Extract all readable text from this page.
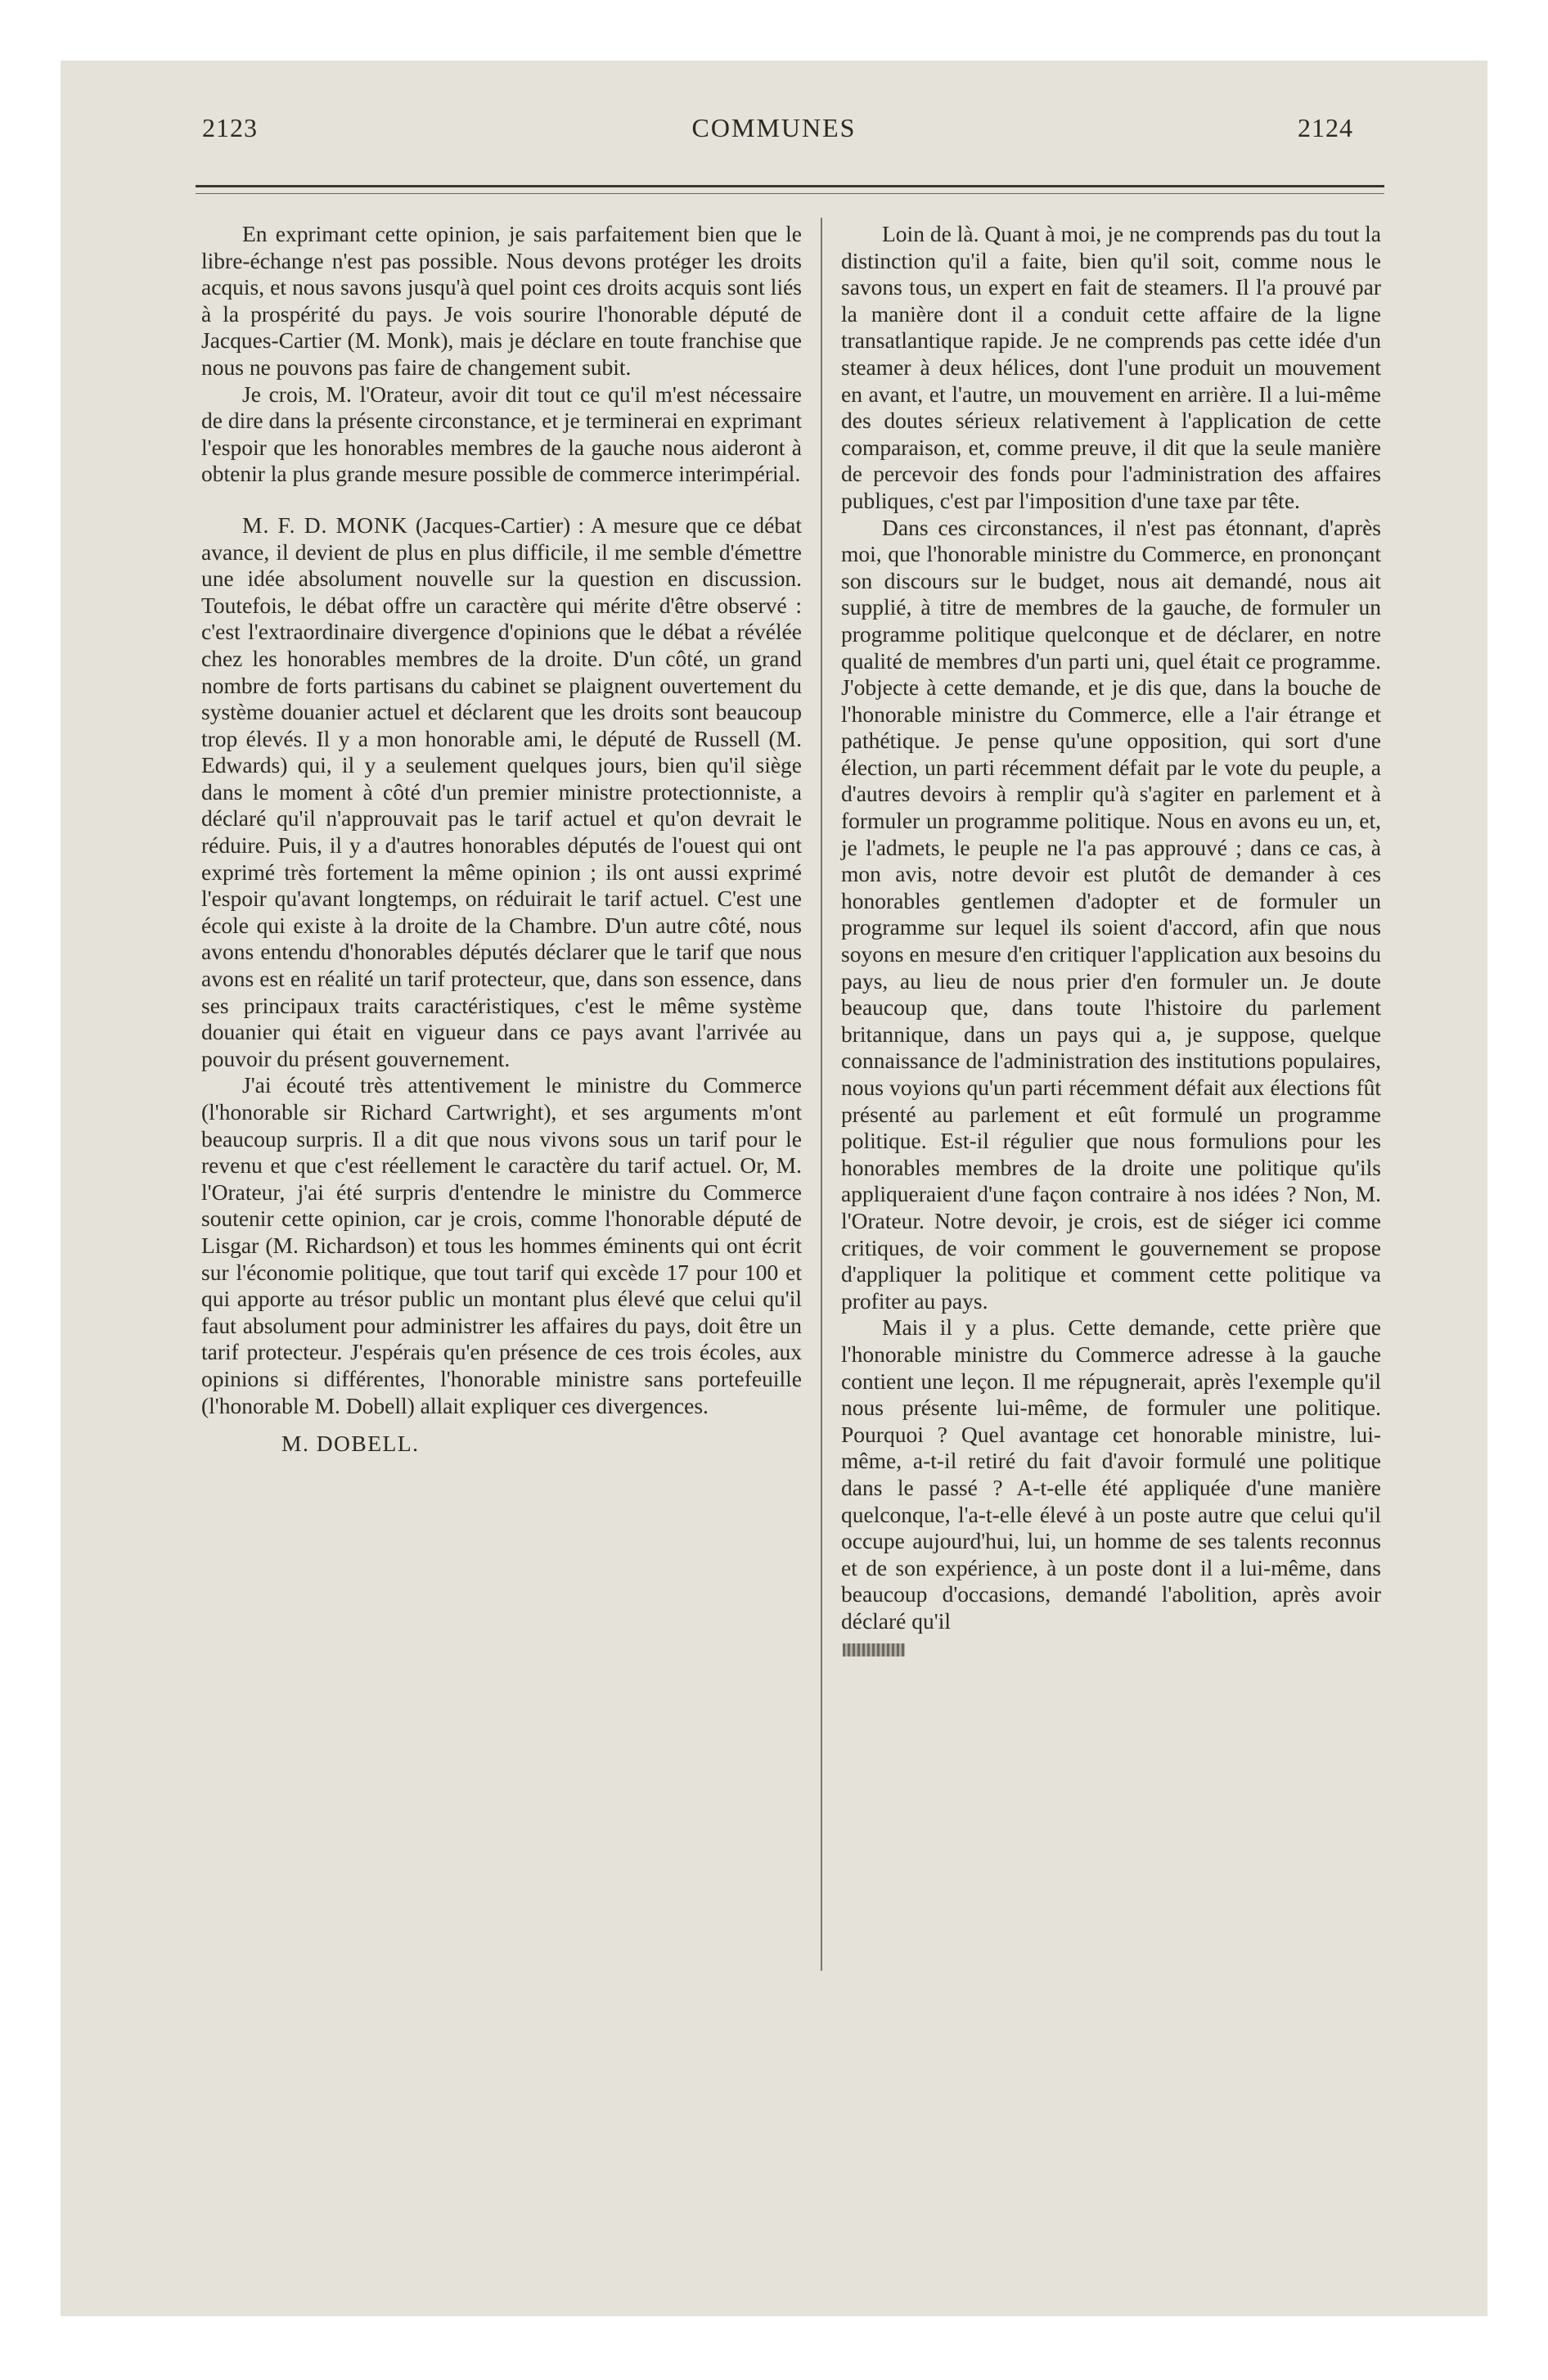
2123	COMMUNES	2124

En exprimant cette opinion, je sais parfaitement bien que le libre-échange n'est pas possible. Nous devons protéger les droits acquis, et nous savons jusqu'à quel point ces droits acquis sont liés à la prospérité du pays. Je vois sourire l'honorable député de Jacques-Cartier (M. Monk), mais je déclare en toute franchise que nous ne pouvons pas faire de changement subit.

Je crois, M. l'Orateur, avoir dit tout ce qu'il m'est nécessaire de dire dans la présente circonstance, et je terminerai en exprimant l'espoir que les honorables membres de la gauche nous aideront à obtenir la plus grande mesure possible de commerce interimpérial.

M. F. D. MONK (Jacques-Cartier) : A mesure que ce débat avance, il devient de plus en plus difficile, il me semble d'émettre une idée absolument nouvelle sur la question en discussion. Toutefois, le débat offre un caractère qui mérite d'être observé : c'est l'extraordinaire divergence d'opinions que le débat a révélée chez les honorables membres de la droite. D'un côté, un grand nombre de forts partisans du cabinet se plaignent ouvertement du système douanier actuel et déclarent que les droits sont beaucoup trop élevés. Il y a mon honorable ami, le député de Russell (M. Edwards) qui, il y a seulement quelques jours, bien qu'il siège dans le moment à côté d'un premier ministre protectionniste, a déclaré qu'il n'approuvait pas le tarif actuel et qu'on devrait le réduire. Puis, il y a d'autres honorables députés de l'ouest qui ont exprimé très fortement la même opinion ; ils ont aussi exprimé l'espoir qu'avant longtemps, on réduirait le tarif actuel. C'est une école qui existe à la droite de la Chambre. D'un autre côté, nous avons entendu d'honorables députés déclarer que le tarif que nous avons est en réalité un tarif protecteur, que, dans son essence, dans ses principaux traits caractéristiques, c'est le même système douanier qui était en vigueur dans ce pays avant l'arrivée au pouvoir du présent gouvernement.

J'ai écouté très attentivement le ministre du Commerce (l'honorable sir Richard Cartwright), et ses arguments m'ont beaucoup surpris. Il a dit que nous vivons sous un tarif pour le revenu et que c'est réellement le caractère du tarif actuel. Or, M. l'Orateur, j'ai été surpris d'entendre le ministre du Commerce soutenir cette opinion, car je crois, comme l'honorable député de Lisgar (M. Richardson) et tous les hommes éminents qui ont écrit sur l'économie politique, que tout tarif qui excède 17 pour 100 et qui apporte au trésor public un montant plus élevé que celui qu'il faut absolument pour administrer les affaires du pays, doit être un tarif protecteur. J'espérais qu'en présence de ces trois écoles, aux opinions si différentes, l'honorable ministre sans portefeuille (l'honorable M. Dobell) allait expliquer ces divergences.

M. DOBELL.

Loin de là. Quant à moi, je ne comprends pas du tout la distinction qu'il a faite, bien qu'il soit, comme nous le savons tous, un expert en fait de steamers. Il l'a prouvé par la manière dont il a conduit cette affaire de la ligne transatlantique rapide. Je ne comprends pas cette idée d'un steamer à deux hélices, dont l'une produit un mouvement en avant, et l'autre, un mouvement en arrière. Il a lui-même des doutes sérieux relativement à l'application de cette comparaison, et, comme preuve, il dit que la seule manière de percevoir des fonds pour l'administration des affaires publiques, c'est par l'imposition d'une taxe par tête.

Dans ces circonstances, il n'est pas étonnant, d'après moi, que l'honorable ministre du Commerce, en prononçant son discours sur le budget, nous ait demandé, nous ait supplié, à titre de membres de la gauche, de formuler un programme politique quelconque et de déclarer, en notre qualité de membres d'un parti uni, quel était ce programme. J'objecte à cette demande, et je dis que, dans la bouche de l'honorable ministre du Commerce, elle a l'air étrange et pathétique. Je pense qu'une opposition, qui sort d'une élection, un parti récemment défait par le vote du peuple, a d'autres devoirs à remplir qu'à s'agiter en parlement et à formuler un programme politique. Nous en avons eu un, et, je l'admets, le peuple ne l'a pas approuvé ; dans ce cas, à mon avis, notre devoir est plutôt de demander à ces honorables gentlemen d'adopter et de formuler un programme sur lequel ils soient d'accord, afin que nous soyons en mesure d'en critiquer l'application aux besoins du pays, au lieu de nous prier d'en formuler un. Je doute beaucoup que, dans toute l'histoire du parlement britannique, dans un pays qui a, je suppose, quelque connaissance de l'administration des institutions populaires, nous voyions qu'un parti récemment défait aux élections fût présenté au parlement et eût formulé un programme politique. Est-il régulier que nous formulions pour les honorables membres de la droite une politique qu'ils appliqueraient d'une façon contraire à nos idées ? Non, M. l'Orateur. Notre devoir, je crois, est de siéger ici comme critiques, de voir comment le gouvernement se propose d'appliquer la politique et comment cette politique va profiter au pays.

Mais il y a plus. Cette demande, cette prière que l'honorable ministre du Commerce adresse à la gauche contient une leçon. Il me répugnerait, après l'exemple qu'il nous présente lui-même, de formuler une politique. Pourquoi ? Quel avantage cet honorable ministre, lui-même, a-t-il retiré du fait d'avoir formulé une politique dans le passé ? A-t-elle été appliquée d'une manière quelconque, l'a-t-elle élevé à un poste autre que celui qu'il occupe aujourd'hui, lui, un homme de ses talents reconnus et de son expérience, à un poste dont il a lui-même, dans beaucoup d'occasions, demandé l'abolition, après avoir déclaré qu'il
